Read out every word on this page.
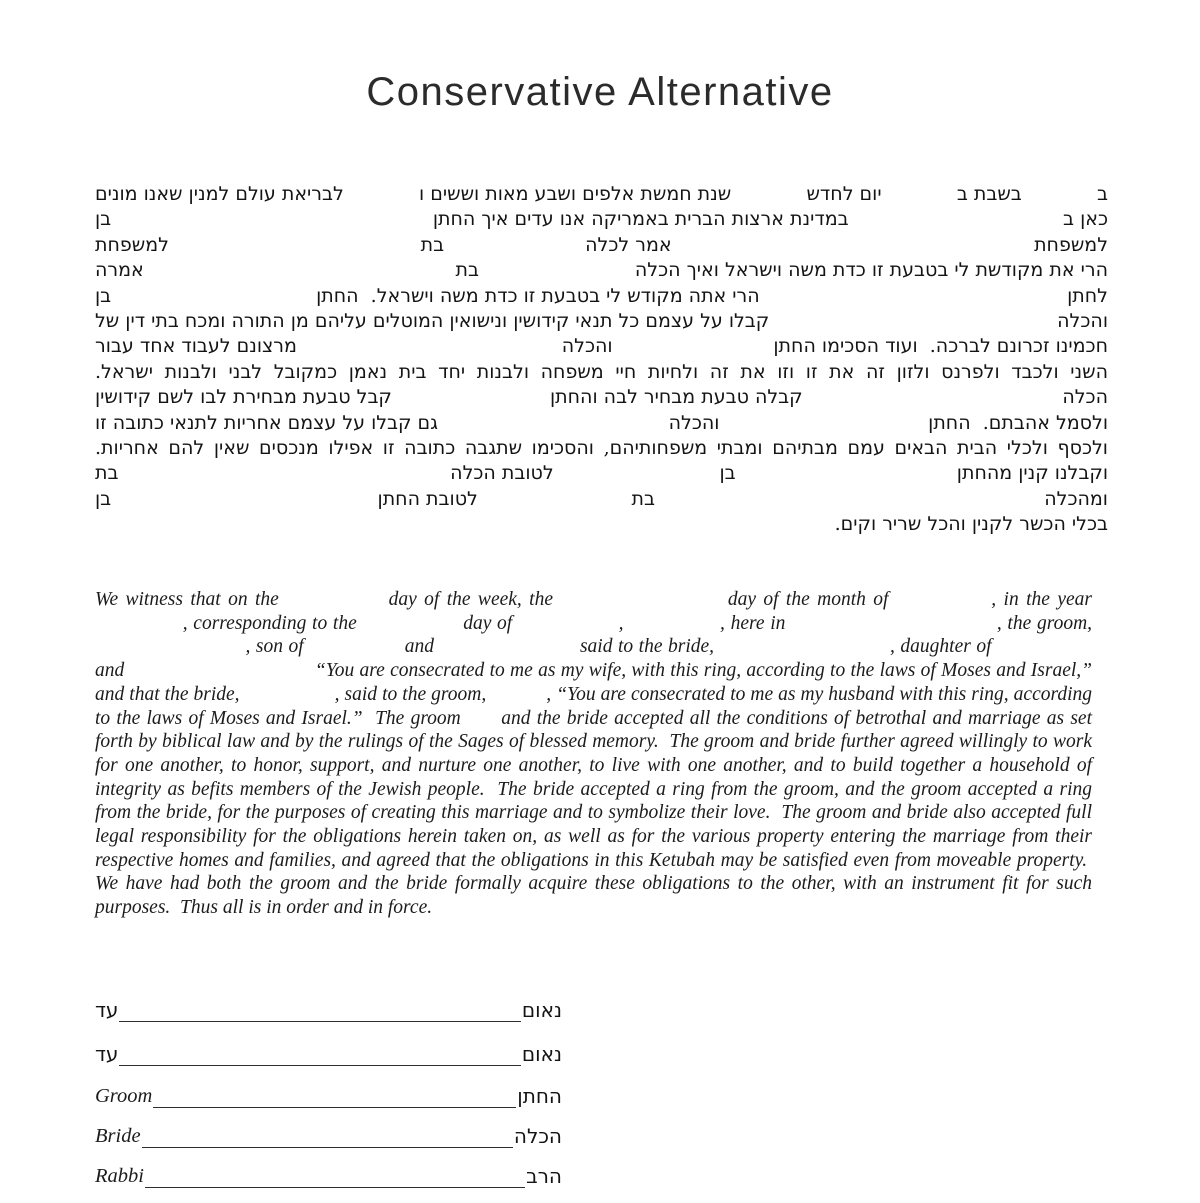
Conservative Alternative
ב
בשבת ב
יום לחדש
שנת חמשת אלפים ושבע מאות וששים ו
לבריאת עולם למנין שאנו מונים
כאן ב
במדינת ארצות הברית באמריקה אנו עדים איך החתן
בן
למשפחת
אמר לכלה
בת
למשפחת
הרי את מקודשת לי בטבעת זו כדת משה וישראל ואיך הכלה
בת
אמרה
לחתן
הרי אתה מקודש לי בטבעת זו כדת משה וישראל.  החתן
בן
והכלה
קבלו על עצמם כל תנאי קידושין ונישואין המוטלים עליהם מן התורה ומכח בתי דין של
חכמינו זכרונם לברכה.  ועוד הסכימו החתן
והכלה
מרצונם לעבוד אחד עבור
השני ולכבד ולפרנס ולזון זה את זו וזו את זה ולחיות חיי משפחה ולבנות יחד בית נאמן כמקובל לבני ולבנות ישראל.
הכלה
קבלה טבעת מבחיר לבה והחתן
קבל טבעת מבחירת לבו לשם קידושין
ולסמל אהבתם.  החתן
והכלה
גם קבלו על עצמם אחריות לתנאי כתובה זו
ולכסף ולכלי הבית הבאים עמם מבתיהם ומבתי משפחותיהם, והסכימו שתגבה כתובה זו אפילו מנכסים שאין להם אחריות.
וקבלנו קנין מהחתן
בן
לטובת הכלה
בת
ומהכלה
בת
לטובת החתן
בן
בכלי הכשר לקנין והכל שריר וקים.

We witness that on the	day of the week, the	day of the month of	, in the year  , corresponding to the	day of	,	, here in	, the groom,  , son of	and	said to the bride,	, daughter of  and	“You are consecrated to me as my wife, with this ring, according to the laws of Moses and Israel,” and that the bride,	, said to the groom,	, “You are consecrated to me as my husband with this ring, according to the laws of Moses and Israel.”  The groom  and the bride accepted all the conditions of betrothal and marriage as set forth by biblical law and by the rulings of the Sages of blessed memory.  The groom and bride further agreed willingly to work for one another, to honor, support, and nurture one another, to live with one another, and to build together a household of integrity as befits members of the Jewish people.  The bride accepted a ring from the groom, and the groom accepted a ring from the bride, for the purposes of creating this marriage and to symbolize their love.  The groom and bride also accepted full legal responsibility for the obligations herein taken on, as well as for the various property entering the marriage from their respective homes and families, and agreed that the obligations in this Ketubah may be satisfied even from moveable property.  We have had both the groom and the bride formally acquire these obligations to the other, with an instrument fit for such purposes.  Thus all is in order and in force.

עד	נאום
עד	נאום
Groom	החתן
Bride	הכלה
Rabbi	הרב
